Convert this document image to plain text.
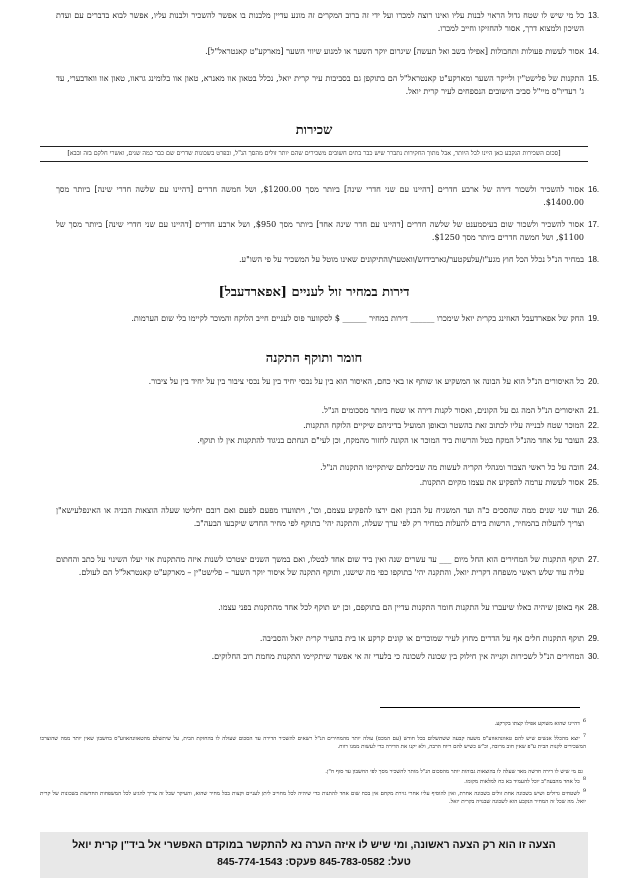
13.
כל מי שיש לו שטח גדול הראוי לבנות עליו ואינו רוצה למכרו ועל ידי זה ברוב המקרים זה מונע עדיין מלבנות בו אפשר להשכיר ולבנות עליו, אפשר לבוא בדברים עם ועדת השיכון ולמצוא דרך, אסור להחזיקו וחייב למכרו.
14.
אסור לעשות פעולות ותחבולות [אפילו בשב ואל תעשה] שיגרום יוקר השער או למנוע שיווי השער [מארקע"ט קאנטראל"ל].
15.
התקנות של פלישט"ין ולייקר השער ומארקע"ט קאנטראל"ל הם בתוקפן גם בסביבות עיר קרית יואל, נכלל בטאון אוו מאנרא, טאון אוו בלומינג גראוו, טאון אוו וואדבערי, עד ג' רעדיו"ס מיי"ל סביב הישובים הנספחים לעיר קרית יואל.
שכירות
[סכום השכירות הנקבע כאן היינו לכל היותר, אבל מתוך החקירות נתברר שיש כבר בתים חשובים משכירים שהם יותר זולים מהסך הנ"ל, ובפרט בשכונות שדרים שם כבר כמה שנים, ואשרי חלקם בזה ובבא]
16.
אסור להשכיר ולשכור דירה של ארבע חדרים [דהיינו עם שני חדרי שינה] ביותר מסך $1200.00, ושל חמשה חדרים [דהיינו עם שלשה חדרי שינה] ביותר מסך $1400.00.
17.
אסור להשכיר ולשכור שום בעיסמענט של שלשה חדרים [דהיינו עם חדר שינה אחד] ביותר מסך $950, ושל ארבע חדרים [דהיינו עם שני חדרי שינה] ביותר מסך של $1100, ושל חמשה חדרים ביותר מסך $1250.
18.
במחיר הנ"ל נכלל הכל חוץ מגע"ז/עלעקטער/גארבידזש/וואטער/והתיקונים שאינו מוטל על המשכיר על פי השו"ע.
דירות במחיר זול לעניים [אפארדעבל]
19.
החק של אפארדעבל האוזינג בקרית יואל שימכרו ______ דירות במחיר ______ $ לסקווער פוס לעניים חייב הלוקח והמוכר לקיימו בלי שום הערמות.
חומר ותוקף התקנה
20.
כל האיסורים הנ"ל הוא על הבונה או המשקיע או שותף או באי כחם, האיסור הוא בין על נכסי יחיד בין על נכסי ציבור בין על יחיד בין על ציבור.
21.
האיסורים הנ"ל המה גם על הקונים, ואסור לקנות דירה או שטח ביותר מסכומים הנ"ל.
22.
המוכר שטח לבנייה עליו לכתוב זאת בהשטר ובאופן המועיל בדיניהם שיקיים הלוקח התקנות.
23.
העובר על אחד מהנ"ל המקח בטל והרשות ביד המוכר או הקונה לחזור מהמקח, וכן לעי"ם הנחתם בניגוד להתקנות אין לו תוקף.
24.
חובה על כל ראשי הצבור ומנהלי הקריה לעשות מה שביכלתם שיתקיימו התקנות הנ"ל.
25.
אסור לעשות ערמה להפקיע את עצמו מקיום התקנות.
26.
ועוד שני שנים ממה שהסכים כ"ה ועד המשגיח על הבנין ואם ירצו להפקיע עצמם, וכו', ויתוועדו מפעם לפעם ואם רובם יחליטו שעלה הוצאות הבניה או האינפלעישא"ן וצריך להעלות בהמחיר, הרשות בידם להעלות במחיר רק לפי ערך שעלה, והתקנה יהי' בתוקף לפי מחיר החדש שיקבעו הבעה"ב.
27.
תוקף התקנות של המחירים הוא החל מיום ___ עד עשרים שנה ואין ביד שום אחד לבטלו, ואם במשך השנים יצטרכו לשנות איזה מהתקנות אזי יעלו השינוי על כתב והחתום עליה עוד שלש ראשי משפחה דקרית יואל, והתקנה יהי' בתוקפו כפי מה שישנו, ותוקף התקנה של איסור יוקר השער – פלישט"ין – מארקע"ט קאנטראל"ל הם לעולם.
28.
אף באופן שיהיה כאלו שיעברו על התקנות חומר התקנות עדיין הם בתוקפם, וכן יש תוקף לכל אחד מהתקנות בפני עצמו.
29.
תוקף התקנות חלים אף על הדרים מחוץ לעיר שמוכרים או קונים קרקע או בית בהעיר קרית יואל והסביבה.
30.
המחירים הנ"ל לשכירות וקנייה אין חילוק בין שכונה לשכונה כי בלעדי זה אי אפשר שיתקיימו התקנות מחמת רוב החלוקים.
6דהיינו שהוא משוקע אפילו קצתו בקרקע.
7יוצא מהכלל אנשים שיש להם טאוונהאוזע"ס משעה קבעה ששתשלום בכל חודש (עם המכס) עולה יותר מהמחירים הנ"ל רשאים להשכיר הדירה עד הסכום שעולה לו בהחזקת הבית, על שיתשלם מהטאוונהאוזע"ס בחשבון שאין יותר ממה שהוצרכו המשכירים לקנות הבית ע"פ שאין חוב מרובה, וכ"ש כשיש להם ריוח הרבה, ולא יקנו את הדירה כדי לעשות ממנו רווח.
גם מי שיש לו דירה חדשה מאד שעלה לו בהוצאות גבוהות יותר מהסכום הנ"ל מותר להשכיר מסך לפי החשבון עד סוף ח"ן.
8כל אחד מהבעה"ב יוכל להעמיד בא כח למלאות מקומו.
9לשטחים גדולים ושיש בשכונה אחת זולים בשכונה אחרת, ואין להוסיף עליו אחרי גזירת מקחם אין בכח שום אחד להתנות כדי שיהיה לכל מחוייב ליתן לעניים וקצות בכל מחיר שהוא, והעיקר שכל זה צריך להגיע לכל המשפחות החדשות בשכונות של קרית יואל. מה שכל זה המחיר הנקבע הוא לשכונה שבנויה בקרית יואל.
הצעה זו הוא רק הצעה ראשונה, ומי שיש לו איזה הערה נא להתקשר במוקדם האפשרי אל ביד"ן קרית יואל
טעל: 845-783-0582 פעקס: 845-774-1543
